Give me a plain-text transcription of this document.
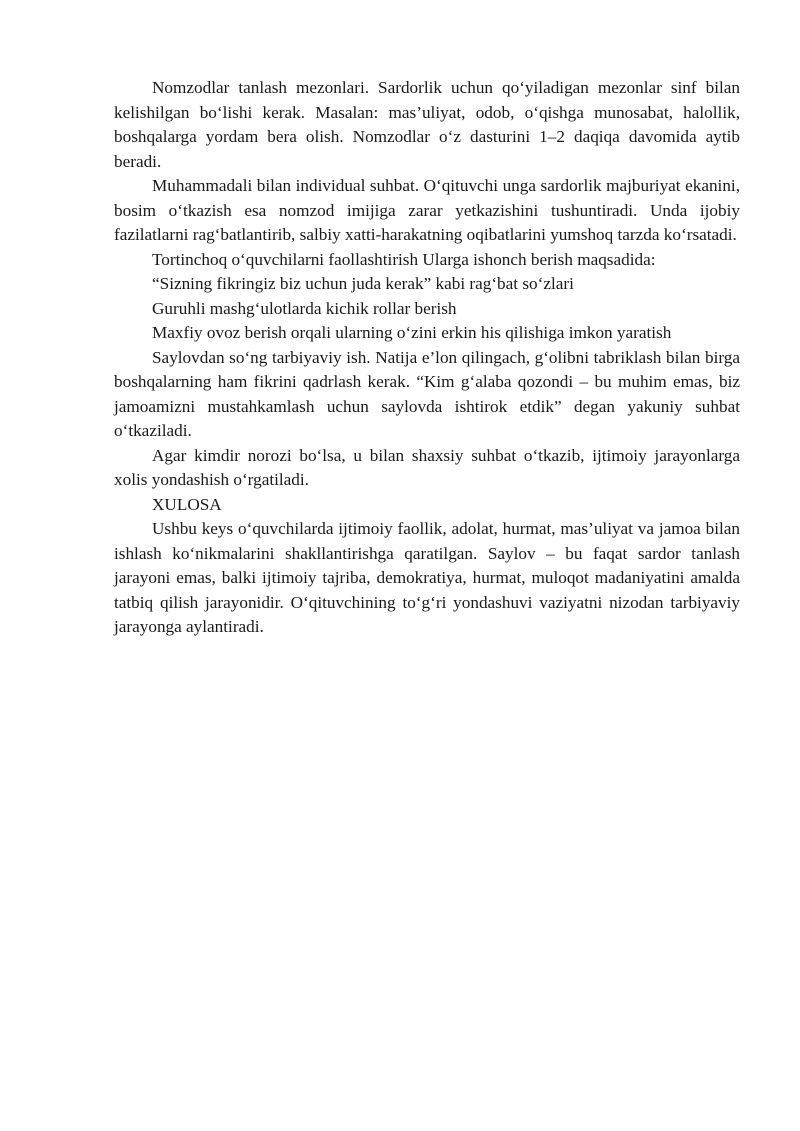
Nomzodlar tanlash mezonlari. Sardorlik uchun qo‘yiladigan mezonlar sinf bilan kelishilgan bo‘lishi kerak. Masalan: mas’uliyat, odob, o‘qishga munosabat, halollik, boshqalarga yordam bera olish. Nomzodlar o‘z dasturini 1–2 daqiqa davomida aytib beradi.

Muhammadali bilan individual suhbat. O‘qituvchi unga sardorlik majburiyat ekanini, bosim o‘tkazish esa nomzod imijiga zarar yetkazishini tushuntiradi. Unda ijobiy fazilatlarni rag‘batlantirib, salbiy xatti-harakatning oqibatlarini yumshoq tarzda ko‘rsatadi.

Tortinchoq o‘quvchilarni faollashtirish Ularga ishonch berish maqsadida:

“Sizning fikringiz biz uchun juda kerak” kabi rag‘bat so‘zlari

Guruhli mashg‘ulotlarda kichik rollar berish

Maxfiy ovoz berish orqali ularning o‘zini erkin his qilishiga imkon yaratish

Saylovdan so‘ng tarbiyaviy ish. Natija e’lon qilingach, g‘olibni tabriklash bilan birga boshqalarning ham fikrini qadrlash kerak. “Kim g‘alaba qozondi – bu muhim emas, biz jamoamizni mustahkamlash uchun saylovda ishtirok etdik” degan yakuniy suhbat o‘tkaziladi.

Agar kimdir norozi bo‘lsa, u bilan shaxsiy suhbat o‘tkazib, ijtimoiy jarayonlarga xolis yondashish o‘rgatiladi.

XULOSA

Ushbu keys o‘quvchilarda ijtimoiy faollik, adolat, hurmat, mas’uliyat va jamoa bilan ishlash ko‘nikmalarini shakllantirishga qaratilgan. Saylov – bu faqat sardor tanlash jarayoni emas, balki ijtimoiy tajriba, demokratiya, hurmat, muloqot madaniyatini amalda tatbiq qilish jarayonidir. O‘qituvchining to‘g‘ri yondashuvi vaziyatni nizodan tarbiyaviy jarayonga aylantiradi.
